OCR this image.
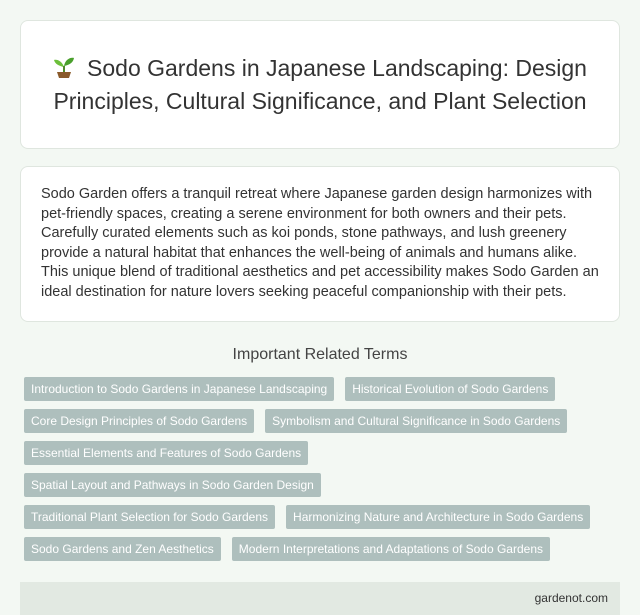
Sodo Gardens in Japanese Landscaping: Design Principles, Cultural Significance, and Plant Selection
Sodo Garden offers a tranquil retreat where Japanese garden design harmonizes with pet-friendly spaces, creating a serene environment for both owners and their pets. Carefully curated elements such as koi ponds, stone pathways, and lush greenery provide a natural habitat that enhances the well-being of animals and humans alike. This unique blend of traditional aesthetics and pet accessibility makes Sodo Garden an ideal destination for nature lovers seeking peaceful companionship with their pets.
Important Related Terms
Introduction to Sodo Gardens in Japanese Landscaping Historical Evolution of Sodo Gardens
Core Design Principles of Sodo Gardens Symbolism and Cultural Significance in Sodo Gardens
Essential Elements and Features of Sodo GardensSpatial Layout and Pathways in Sodo Garden Design
Traditional Plant Selection for Sodo Gardens Harmonizing Nature and Architecture in Sodo Gardens
Sodo Gardens and Zen Aesthetics Modern Interpretations and Adaptations of Sodo Gardens
gardenot.com
